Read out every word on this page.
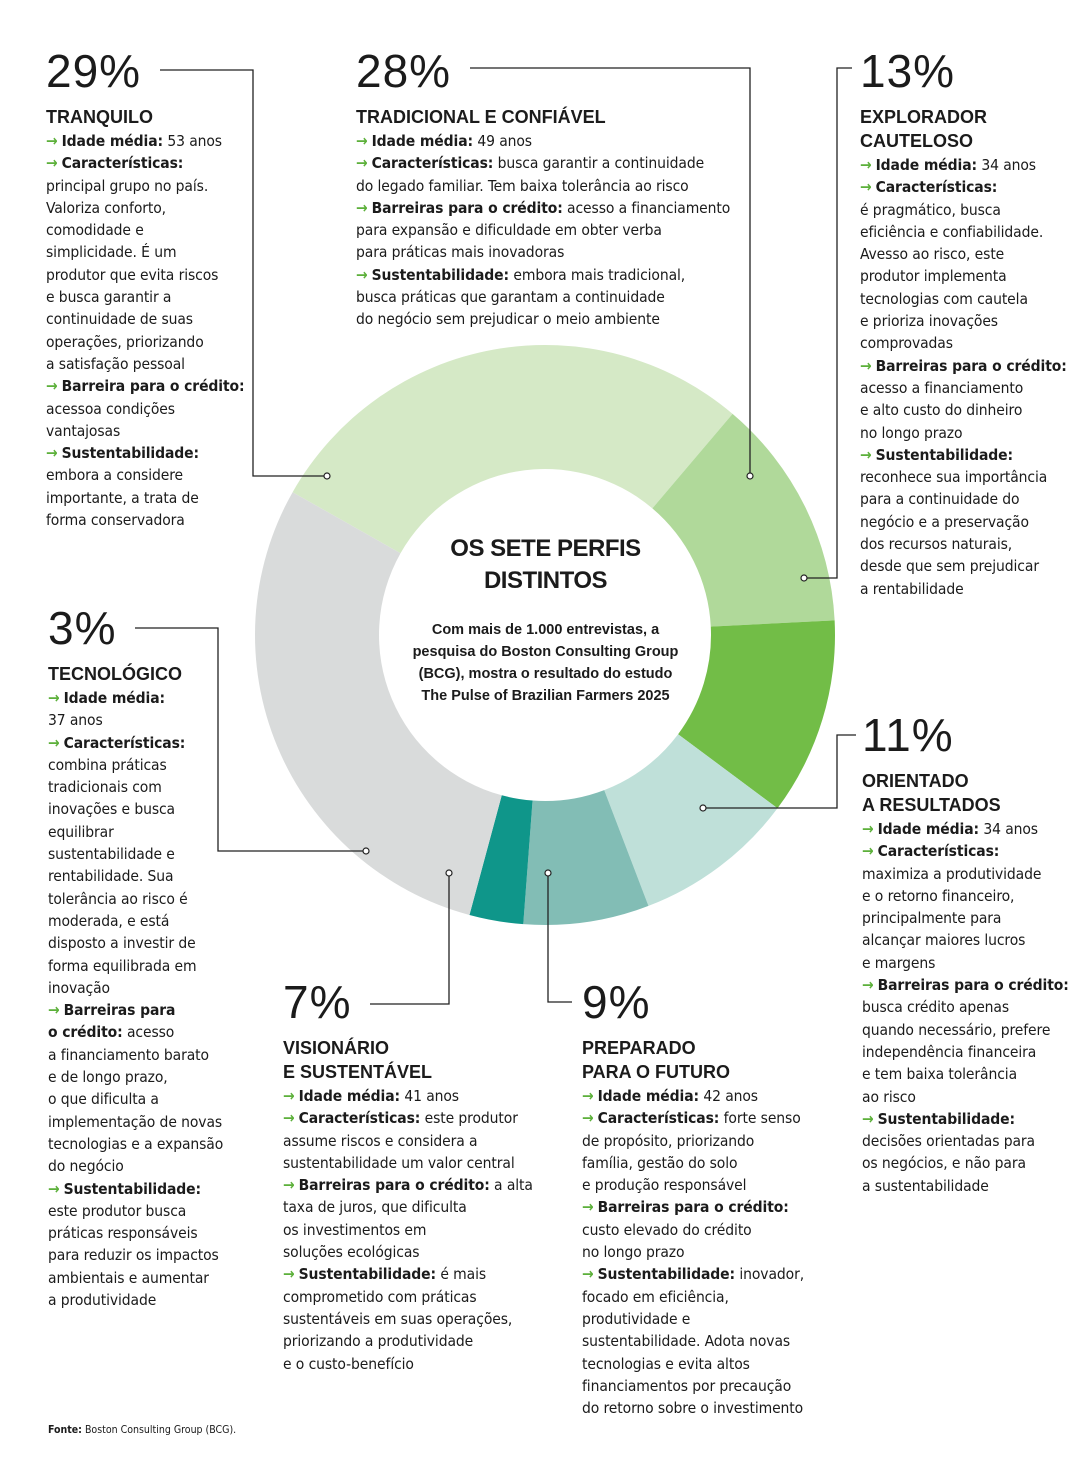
OS SETE PERFIS DISTINTOS
Com mais de 1.000 entrevistas, a pesquisa do Boston Consulting Group (BCG), mostra o resultado do estudo The Pulse of Brazilian Farmers 2025
29%
TRANQUILO
→ Idade média: 53 anos
→ Características:
principal grupo no país.
Valoriza conforto,
comodidade e
simplicidade. É um
produtor que evita riscos
e busca garantir a
continuidade de suas
operações, priorizando
a satisfação pessoal
→ Barreira para o crédito:
acessoa condições
vantajosas
→ Sustentabilidade:
embora a considere
importante, a trata de
forma conservadora
28%
TRADICIONAL E CONFIÁVEL
→ Idade média: 49 anos
→ Características: busca garantir a continuidade
do legado familiar. Tem baixa tolerância ao risco
→ Barreiras para o crédito: acesso a financiamento
para expansão e dificuldade em obter verba
para práticas mais inovadoras
→ Sustentabilidade: embora mais tradicional,
busca práticas que garantam a continuidade
do negócio sem prejudicar o meio ambiente
13%
EXPLORADOR
CAUTELOSO
→ Idade média: 34 anos
→ Características:
é pragmático, busca
eficiência e confiabilidade.
Avesso ao risco, este
produtor implementa
tecnologias com cautela
e prioriza inovações
comprovadas
→ Barreiras para o crédito:
acesso a financiamento
e alto custo do dinheiro
no longo prazo
→ Sustentabilidade:
reconhece sua importância
para a continuidade do
negócio e a preservação
dos recursos naturais,
desde que sem prejudicar
a rentabilidade
3%
TECNOLÓGICO
→ Idade média:
37 anos
→ Características:
combina práticas
tradicionais com
inovações e busca
equilibrar
sustentabilidade e
rentabilidade. Sua
tolerância ao risco é
moderada, e está
disposto a investir de
forma equilibrada em
inovação
→ Barreiras para
o crédito: acesso
a financiamento barato
e de longo prazo,
o que dificulta a
implementação de novas
tecnologias e a expansão
do negócio
→ Sustentabilidade:
este produtor busca
práticas responsáveis
para reduzir os impactos
ambientais e aumentar
a produtividade
11%
ORIENTADO
A RESULTADOS
→ Idade média: 34 anos
→ Características:
maximiza a produtividade
e o retorno financeiro,
principalmente para
alcançar maiores lucros
e margens
→ Barreiras para o crédito:
busca crédito apenas
quando necessário, prefere
independência financeira
e tem baixa tolerância
ao risco
→ Sustentabilidade:
decisões orientadas para
os negócios, e não para
a sustentabilidade
7%
VISIONÁRIO
E SUSTENTÁVEL
→ Idade média: 41 anos
→ Características: este produtor
assume riscos e considera a
sustentabilidade um valor central
→ Barreiras para o crédito: a alta
taxa de juros, que dificulta
os investimentos em
soluções ecológicas
→ Sustentabilidade: é mais
comprometido com práticas
sustentáveis em suas operações,
priorizando a produtividade
e o custo-benefício
9%
PREPARADO
PARA O FUTURO
→ Idade média: 42 anos
→ Características: forte senso
de propósito, priorizando
família, gestão do solo
e produção responsável
→ Barreiras para o crédito:
custo elevado do crédito
no longo prazo
→ Sustentabilidade: inovador,
focado em eficiência,
produtividade e
sustentabilidade. Adota novas
tecnologias e evita altos
financiamentos por precaução
do retorno sobre o investimento
Fonte: Boston Consulting Group (BCG).
